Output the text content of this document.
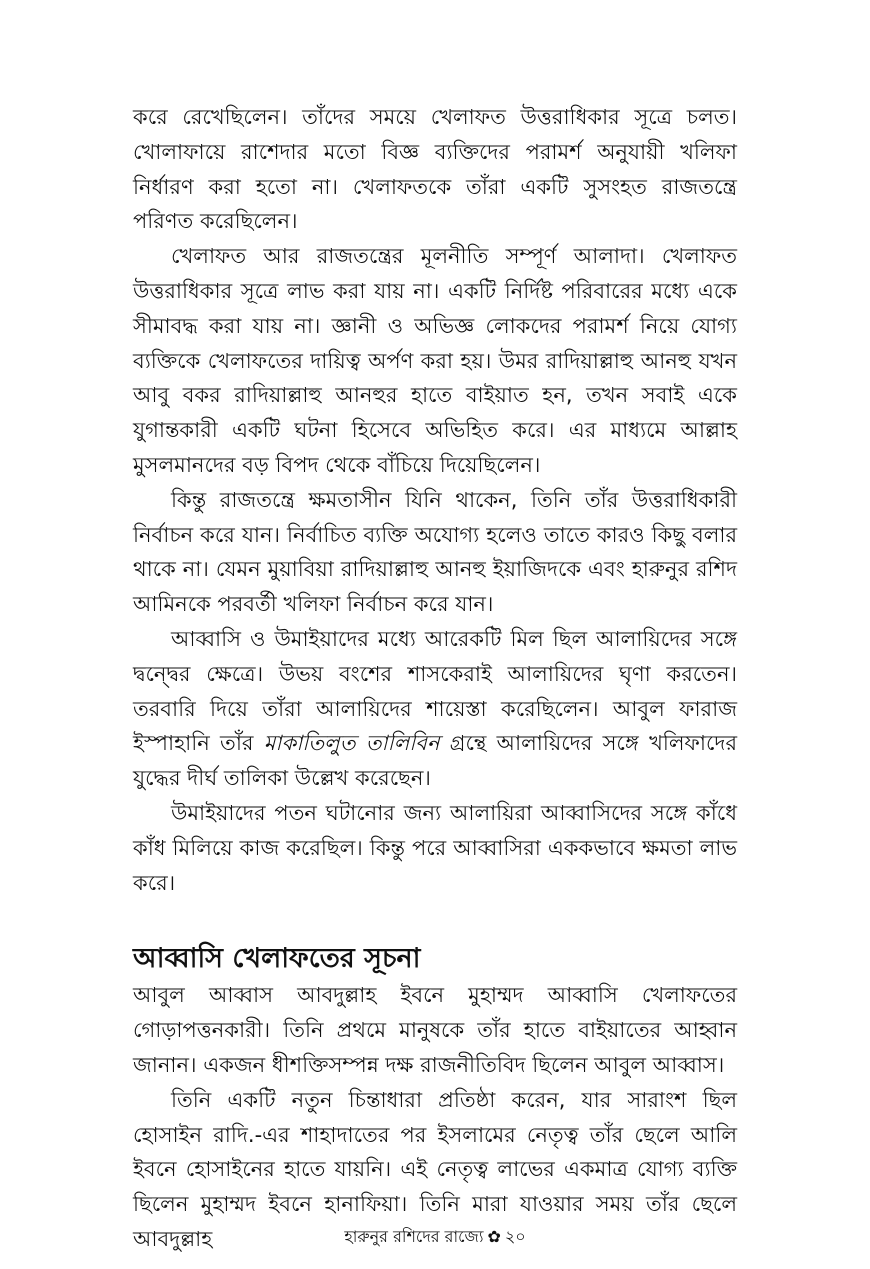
করে রেখেছিলেন। তাঁদের সময়ে খেলাফত উত্তরাধিকার সূত্রে চলত। খোলাফায়ে রাশেদার মতো বিজ্ঞ ব্যক্তিদের পরামর্শ অনুযায়ী খলিফা নির্ধারণ করা হতো না। খেলাফতকে তাঁরা একটি সুসংহত রাজতন্ত্রে পরিণত করেছিলেন।

খেলাফত আর রাজতন্ত্রের মূলনীতি সম্পূর্ণ আলাদা। খেলাফত উত্তরাধিকার সূত্রে লাভ করা যায় না। একটি নির্দিষ্ট পরিবারের মধ্যে একে সীমাবদ্ধ করা যায় না। জ্ঞানী ও অভিজ্ঞ লোকদের পরামর্শ নিয়ে যোগ্য ব্যক্তিকে খেলাফতের দায়িত্ব অর্পণ করা হয়। উমর রাদিয়াল্লাহু আনহু যখন আবু বকর রাদিয়াল্লাহু আনহুর হাতে বাইয়াত হন, তখন সবাই একে যুগান্তকারী একটি ঘটনা হিসেবে অভিহিত করে। এর মাধ্যমে আল্লাহ মুসলমানদের বড় বিপদ থেকে বাঁচিয়ে দিয়েছিলেন।

কিন্তু রাজতন্ত্রে ক্ষমতাসীন যিনি থাকেন, তিনি তাঁর উত্তরাধিকারী নির্বাচন করে যান। নির্বাচিত ব্যক্তি অযোগ্য হলেও তাতে কারও কিছু বলার থাকে না। যেমন মুয়াবিয়া রাদিয়াল্লাহু আনহু ইয়াজিদকে এবং হারুনুর রশিদ আমিনকে পরবর্তী খলিফা নির্বাচন করে যান।

আব্বাসি ও উমাইয়াদের মধ্যে আরেকটি মিল ছিল আলায়িদের সঙ্গে দ্বন্দ্বের ক্ষেত্রে। উভয় বংশের শাসকেরাই আলায়িদের ঘৃণা করতেন। তরবারি দিয়ে তাঁরা আলায়িদের শায়েস্তা করেছিলেন। আবুল ফারাজ ইস্পাহানি তাঁর মাকাতিলুত তালিবিন গ্রন্থে আলায়িদের সঙ্গে খলিফাদের যুদ্ধের দীর্ঘ তালিকা উল্লেখ করেছেন।

উমাইয়াদের পতন ঘটানোর জন্য আলায়িরা আব্বাসিদের সঙ্গে কাঁধে কাঁধ মিলিয়ে কাজ করেছিল। কিন্তু পরে আব্বাসিরা এককভাবে ক্ষমতা লাভ করে।

আব্বাসি খেলাফতের সূচনা

আবুল আব্বাস আবদুল্লাহ ইবনে মুহাম্মদ আব্বাসি খেলাফতের গোড়াপত্তনকারী। তিনি প্রথমে মানুষকে তাঁর হাতে বাইয়াতের আহ্বান জানান। একজন ধীশক্তিসম্পন্ন দক্ষ রাজনীতিবিদ ছিলেন আবুল আব্বাস।

তিনি একটি নতুন চিন্তাধারা প্রতিষ্ঠা করেন, যার সারাংশ ছিল হোসাইন রাদি.-এর শাহাদাতের পর ইসলামের নেতৃত্ব তাঁর ছেলে আলি ইবনে হোসাইনের হাতে যায়নি। এই নেতৃত্ব লাভের একমাত্র যোগ্য ব্যক্তি ছিলেন মুহাম্মদ ইবনে হানাফিয়া। তিনি মারা যাওয়ার সময় তাঁর ছেলে আবদুল্লাহ	হারুনুর রশিদের রাজ্যে ✿ ২০
